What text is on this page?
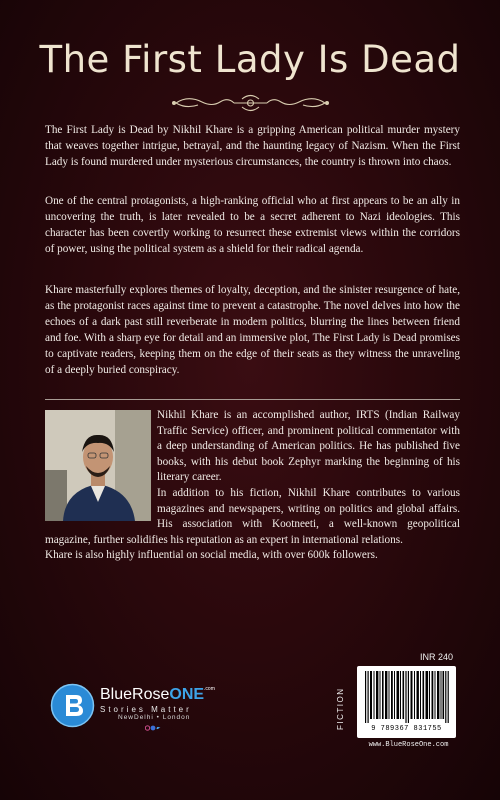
The First Lady Is Dead

The First Lady is Dead by Nikhil Khare is a gripping American political murder mystery that weaves together intrigue, betrayal, and the haunting legacy of Nazism. When the First Lady is found murdered under mysterious circumstances, the country is thrown into chaos.

One of the central protagonists, a high-ranking official who at first appears to be an ally in uncovering the truth, is later revealed to be a secret adherent to Nazi ideologies. This character has been covertly working to resurrect these extremist views within the corridors of power, using the political system as a shield for their radical agenda.

Khare masterfully explores themes of loyalty, deception, and the sinister resurgence of hate, as the protagonist races against time to prevent a catastrophe. The novel delves into how the echoes of a dark past still reverberate in modern politics, blurring the lines between friend and foe. With a sharp eye for detail and an immersive plot, The First Lady is Dead promises to captivate readers, keeping them on the edge of their seats as they witness the unraveling of a deeply buried conspiracy.

Nikhil Khare is an accomplished author, IRTS (Indian Railway Traffic Service) officer, and prominent political commentator with a deep understanding of American politics. He has published five books, with his debut book Zephyr marking the beginning of his literary career.

In addition to his fiction, Nikhil Khare contributes to various magazines and newspapers, writing on politics and global affairs. His association with Kootneeti, a well-known geopolitical magazine, further solidifies his reputation as an expert in international relations.

Khare is also highly influential on social media, with over 600k followers.

BlueRoseONE$^{.com}$
Stories Matter
NewDelhi • London
INR 240
FICTION	9 789367 831755
www.BlueRoseOne.com
